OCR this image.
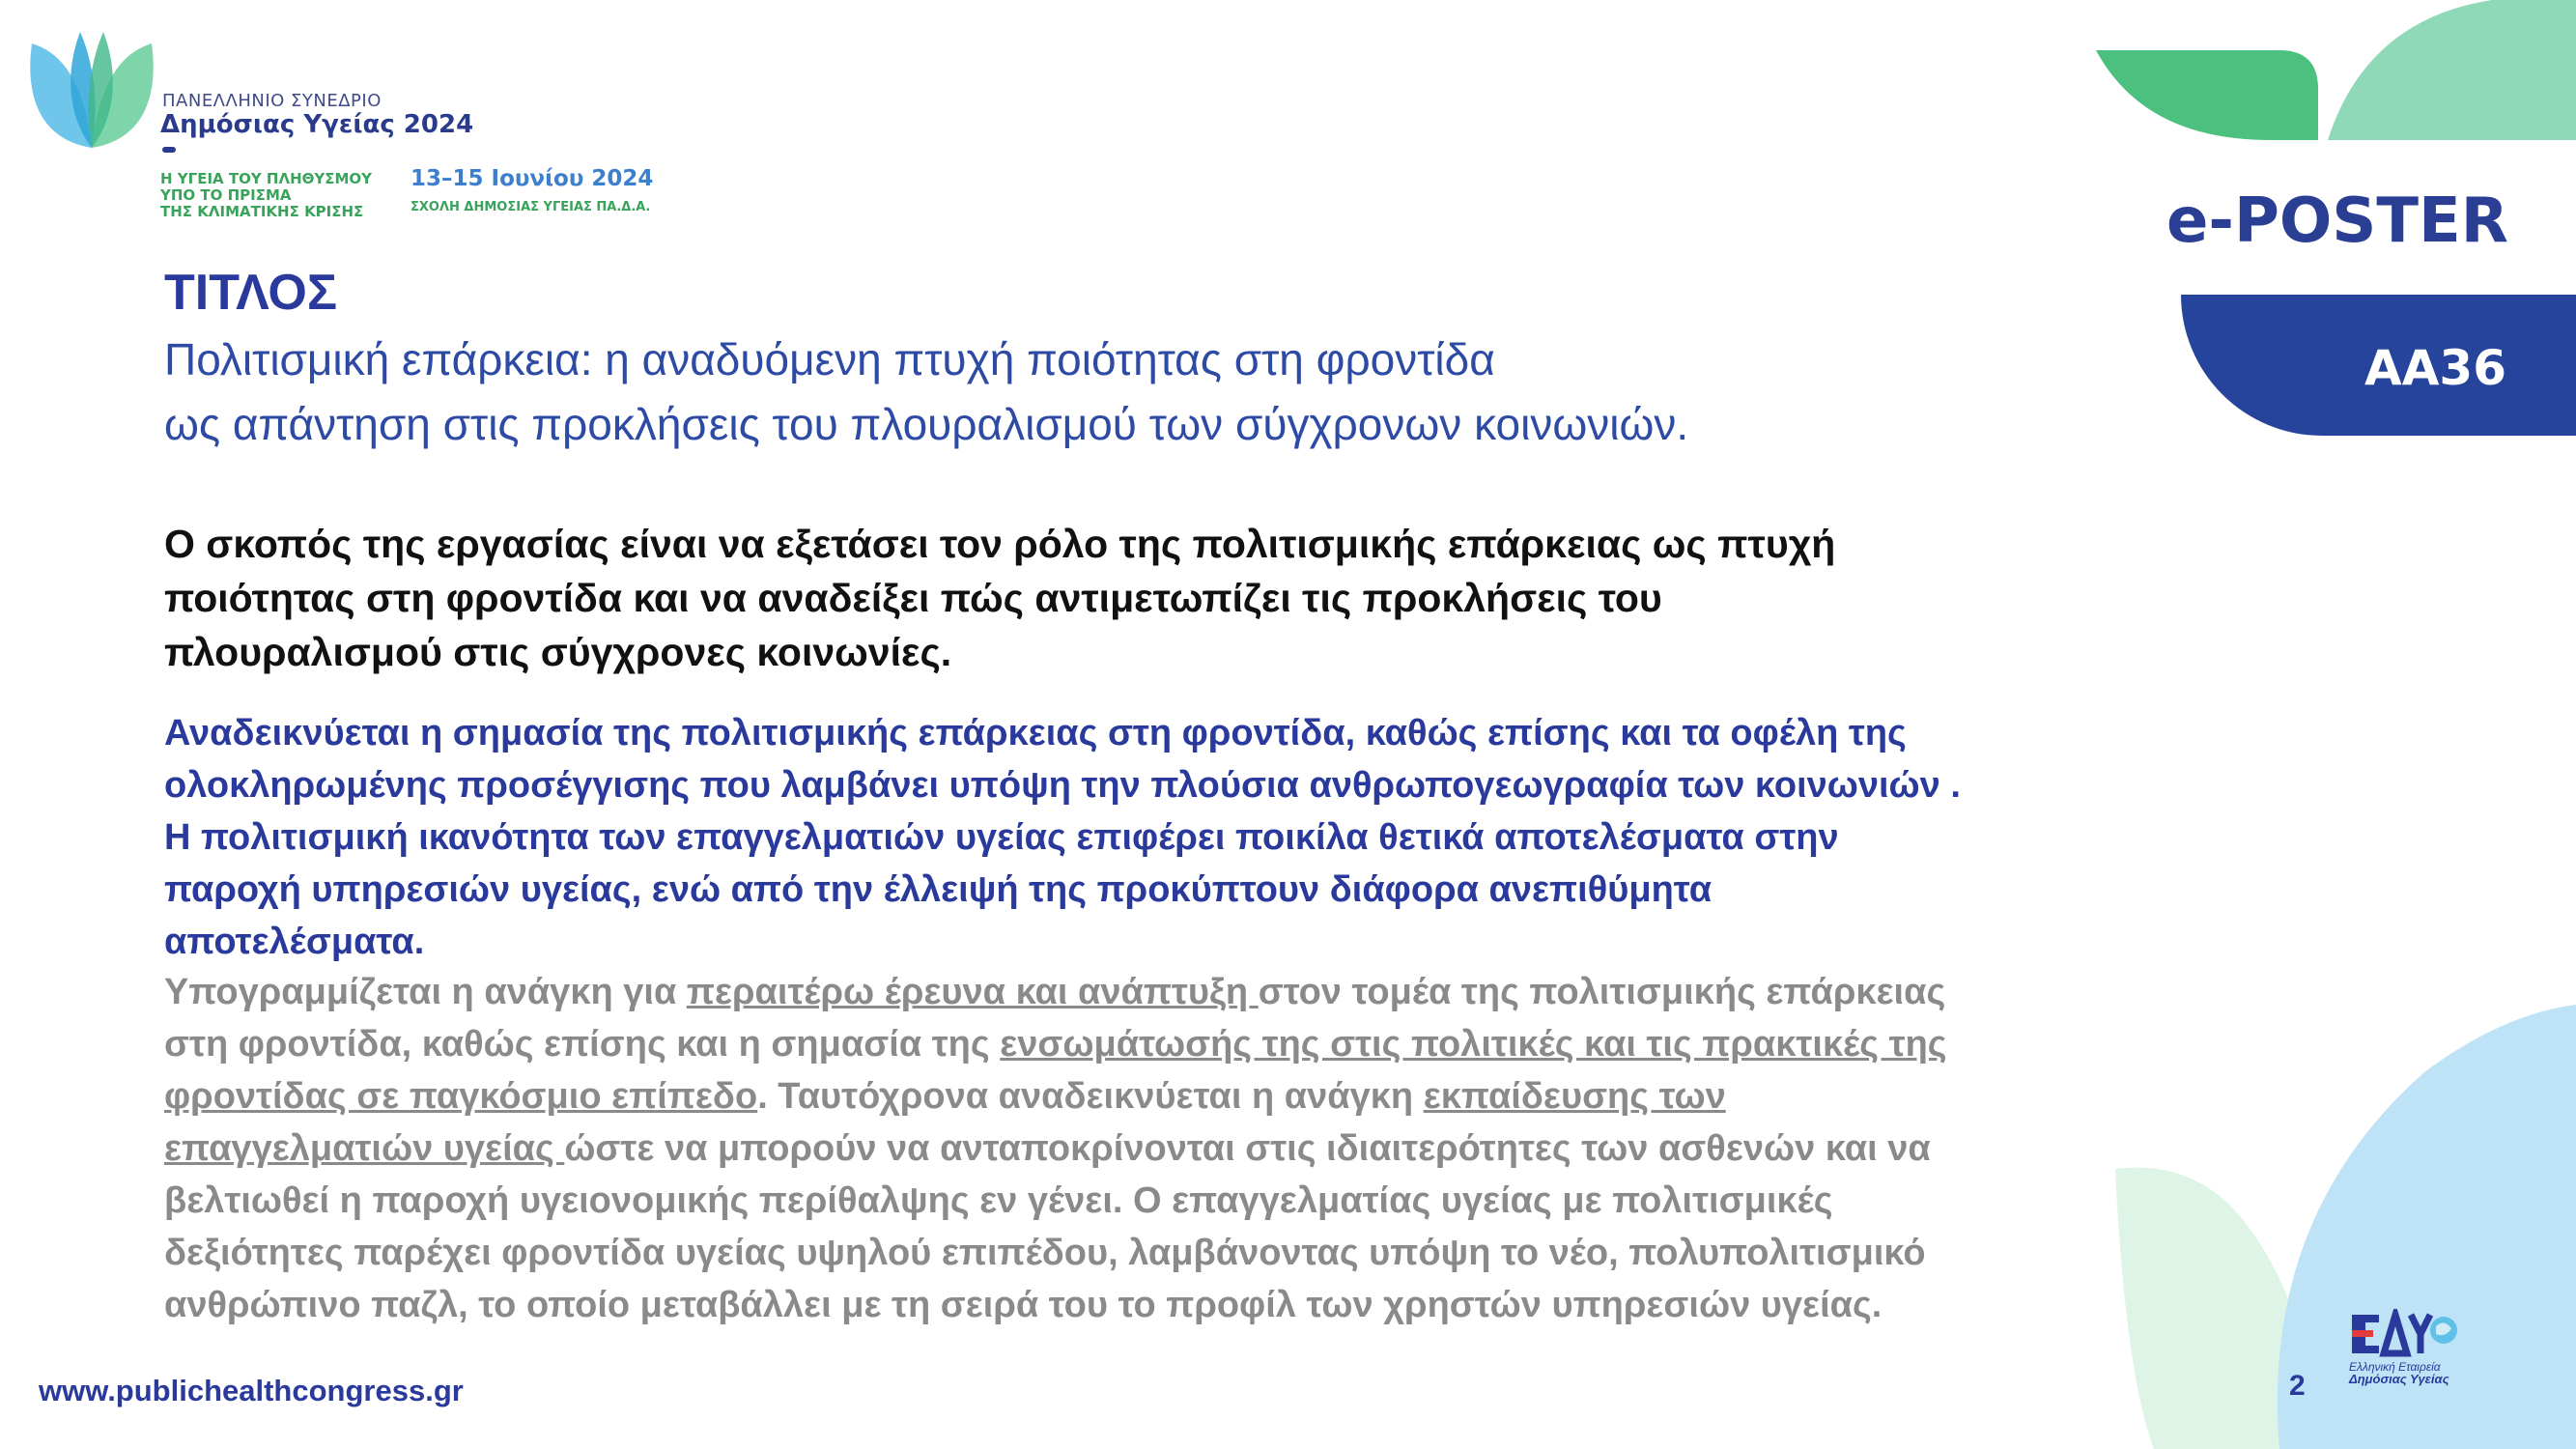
ΠΑΝΕΛΛΗΝΙΟ ΣΥΝΕΔΡΙΟ
Δημόσιας Υγείας 2024
Η ΥΓΕΙΑ ΤΟΥ ΠΛΗΘΥΣΜΟΥ
ΥΠΟ ΤΟ ΠΡΙΣΜΑ
ΤΗΣ ΚΛΙΜΑΤΙΚΗΣ ΚΡΙΣΗΣ
13–15 Ιουνίου 2024
ΣΧΟΛΗ ΔΗΜΟΣΙΑΣ ΥΓΕΙΑΣ ΠΑ.Δ.Α.	e-POSTER
ΑΑ36
ΤΙΤΛΟΣ
Πολιτισμική επάρκεια: η αναδυόμενη πτυχή ποιότητας στη φροντίδα
ως απάντηση στις προκλήσεις του πλουραλισμού των σύγχρονων κοινωνιών.
Ο σκοπός της εργασίας είναι να εξετάσει τον ρόλο της πολιτισμικής επάρκειας ως πτυχή
ποιότητας στη φροντίδα και να αναδείξει πώς αντιμετωπίζει τις προκλήσεις του
πλουραλισμού στις σύγχρονες κοινωνίες.
Αναδεικνύεται η σημασία της πολιτισμικής επάρκειας στη φροντίδα, καθώς επίσης και τα οφέλη της
ολοκληρωμένης προσέγγισης που λαμβάνει υπόψη την πλούσια ανθρωπογεωγραφία των κοινωνιών .
Η πολιτισμική ικανότητα των επαγγελματιών υγείας επιφέρει ποικίλα θετικά αποτελέσματα στην
παροχή υπηρεσιών υγείας, ενώ από την έλλειψή της προκύπτουν διάφορα ανεπιθύμητα
αποτελέσματα.
Υπογραμμίζεται η ανάγκη για περαιτέρω έρευνα και ανάπτυξη στον τομέα της πολιτισμικής επάρκειας
στη φροντίδα, καθώς επίσης και η σημασία της ενσωμάτωσής της στις πολιτικές και τις πρακτικές της
φροντίδας σε παγκόσμιο επίπεδο. Ταυτόχρονα αναδεικνύεται η ανάγκη εκπαίδευσης των
επαγγελματιών υγείας ώστε να μπορούν να ανταποκρίνονται στις ιδιαιτερότητες των ασθενών και να
βελτιωθεί η παροχή υγειονομικής περίθαλψης εν γένει. Ο επαγγελματίας υγείας με πολιτισμικές
δεξιότητες παρέχει φροντίδα υγείας υψηλού επιπέδου, λαμβάνοντας υπόψη το νέο, πολυπολιτισμικό
ανθρώπινο παζλ, το οποίο μεταβάλλει με τη σειρά του το προφίλ των χρηστών υπηρεσιών υγείας.
www.publichealthcongress.gr	2
Ελληνική Εταιρεία
Δημόσιας Υγείας
